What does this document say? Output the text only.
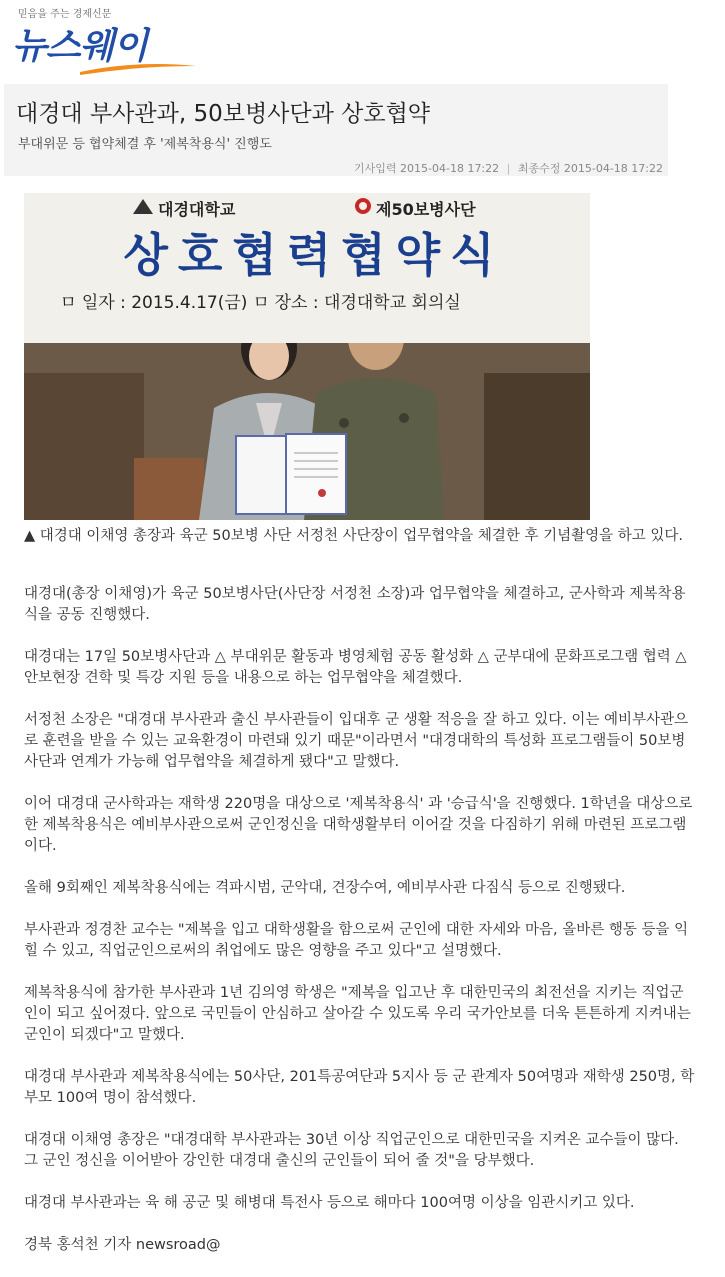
믿음을 주는 경제신문
뉴스웨이
대경대 부사관과, 50보병사단과 상호협약
부대위문 등 협약체결 후 '제복착용식' 진행도
기사입력 2015-04-18 17:22 | 최종수정 2015-04-18 17:22
대경대학교	제50보병사단
상호협력협약식
ㅁ 일자 : 2015.4.17(금) ㅁ 장소 : 대경대학교 회의실
▲ 대경대 이채영 총장과 육군 50보병 사단 서정천 사단장이 업무협약을 체결한 후 기념촬영을 하고 있다.

대경대(총장 이채영)가 육군 50보병사단(사단장 서정천 소장)과 업무협약을 체결하고, 군사학과 제복착용식을 공동 진행했다.

대경대는 17일 50보병사단과 △ 부대위문 활동과 병영체험 공동 활성화 △ 군부대에 문화프로그램 협력 △ 안보현장 견학 및 특강 지원 등을 내용으로 하는 업무협약을 체결했다.

서정천 소장은 "대경대 부사관과 출신 부사관들이 입대후 군 생활 적응을 잘 하고 있다. 이는 예비부사관으로 훈련을 받을 수 있는 교육환경이 마련돼 있기 때문"이라면서 "대경대학의 특성화 프로그램들이 50보병 사단과 연계가 가능해 업무협약을 체결하게 됐다"고 말했다.

이어 대경대 군사학과는 재학생 220명을 대상으로 '제복착용식' 과 '승급식'을 진행했다. 1학년을 대상으로 한 제복착용식은 예비부사관으로써 군인정신을 대학생활부터 이어갈 것을 다짐하기 위해 마련된 프로그램이다.

올해 9회째인 제복착용식에는 격파시범, 군악대, 견장수여, 예비부사관 다짐식 등으로 진행됐다.

부사관과 정경찬 교수는 "제복을 입고 대학생활을 함으로써 군인에 대한 자세와 마음, 올바른 행동 등을 익힐 수 있고, 직업군인으로써의 취업에도 많은 영향을 주고 있다"고 설명했다.

제복착용식에 참가한 부사관과 1년 김의영 학생은 "제복을 입고난 후 대한민국의 최전선을 지키는 직업군인이 되고 싶어졌다. 앞으로 국민들이 안심하고 살아갈 수 있도록 우리 국가안보를 더욱 튼튼하게 지켜내는 군인이 되겠다"고 말했다.

대경대 부사관과 제복착용식에는 50사단, 201특공여단과 5지사 등 군 관계자 50여명과 재학생 250명, 학부모 100여 명이 참석했다.

대경대 이채영 총장은 "대경대학 부사관과는 30년 이상 직업군인으로 대한민국을 지켜온 교수들이 많다. 그 군인 정신을 이어받아 강인한 대경대 출신의 군인들이 되어 줄 것"을 당부했다.

대경대 부사관과는 육 해 공군 및 해병대 특전사 등으로 해마다 100여명 이상을 임관시키고 있다.

경북 홍석천 기자 newsroad@
